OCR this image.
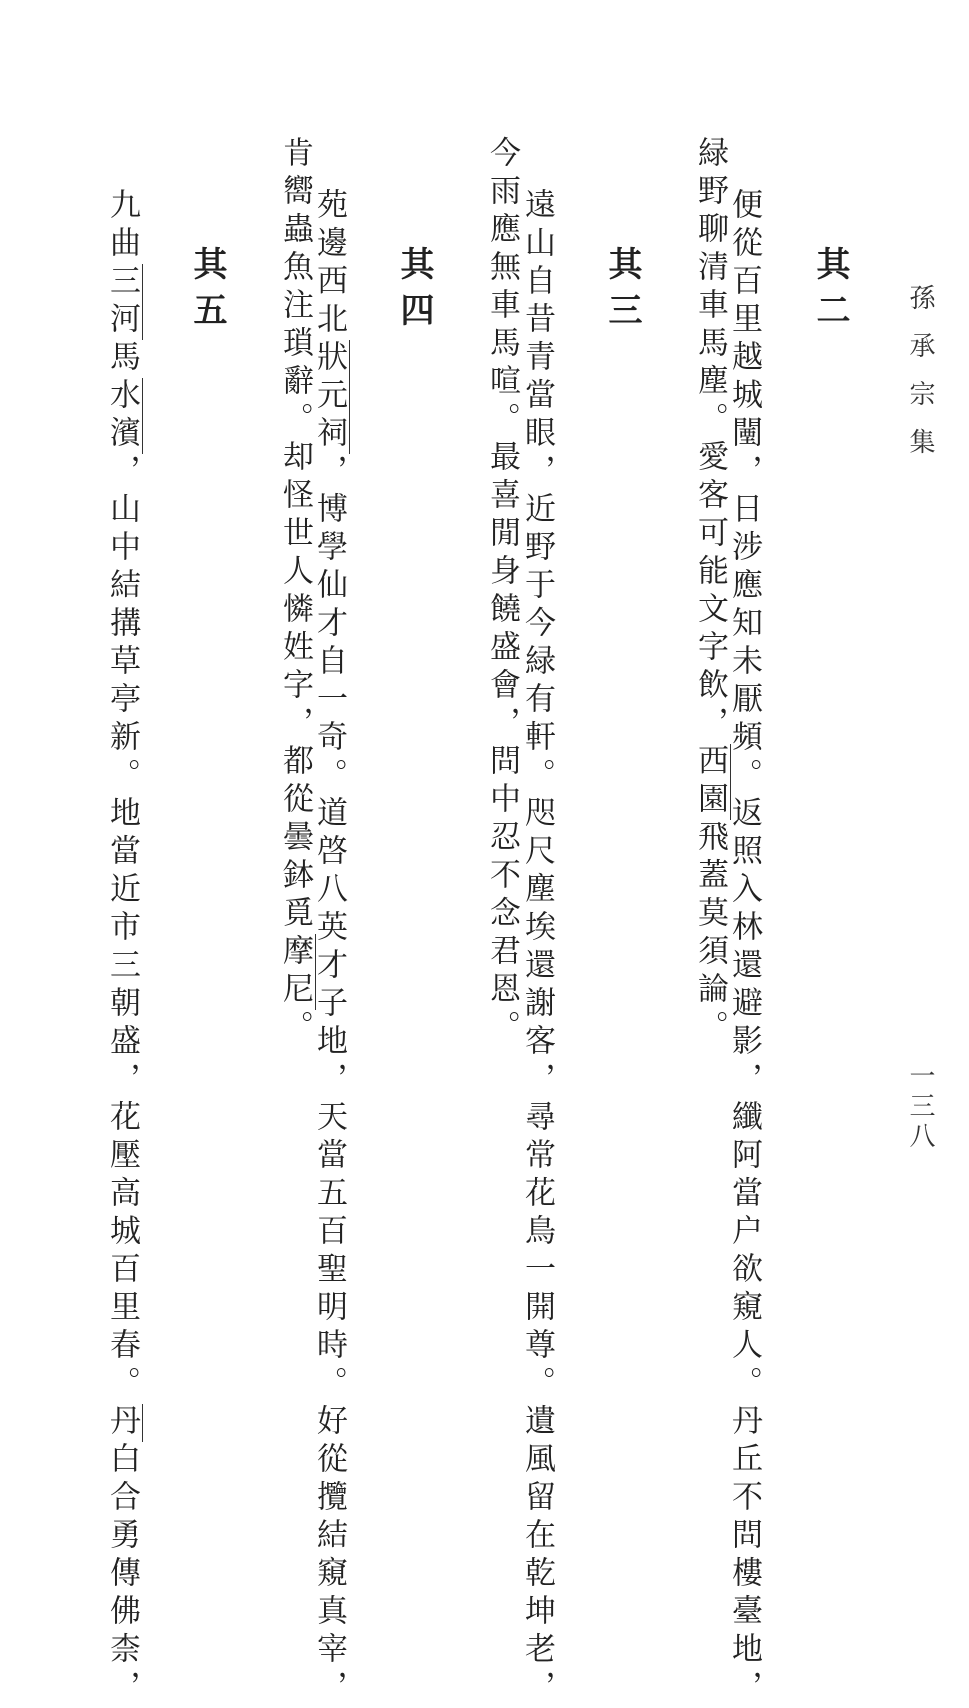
孫承宗集
一三八
其二
便從百里越城闉，日涉應知未厭頻。返照入林還避影，纖阿當户欲窺人。丹丘不問樓臺地，
緑野聊清車馬塵。愛客可能文字飲，西園飛蓋莫須論。
其三
遠山自昔青當眼，近野于今緑有軒。咫尺塵埃還謝客，尋常花鳥一開尊。遺風留在乾坤老，
今雨應無車馬喧。最喜閒身饒盛會，問中忍不念君恩。
其四
苑邊西北狀元祠，博學仙才自一奇。道啓八英才子地，天當五百聖明時。好從攬結窺真宰，
肯嚮蟲魚注瑣辭。却怪世人憐姓字，都從曇鉢覓摩尼。
其五
九曲三河馬水濱，山中結搆草亭新。地當近市三朝盛，花壓高城百里春。丹白合勇傳佛柰，
